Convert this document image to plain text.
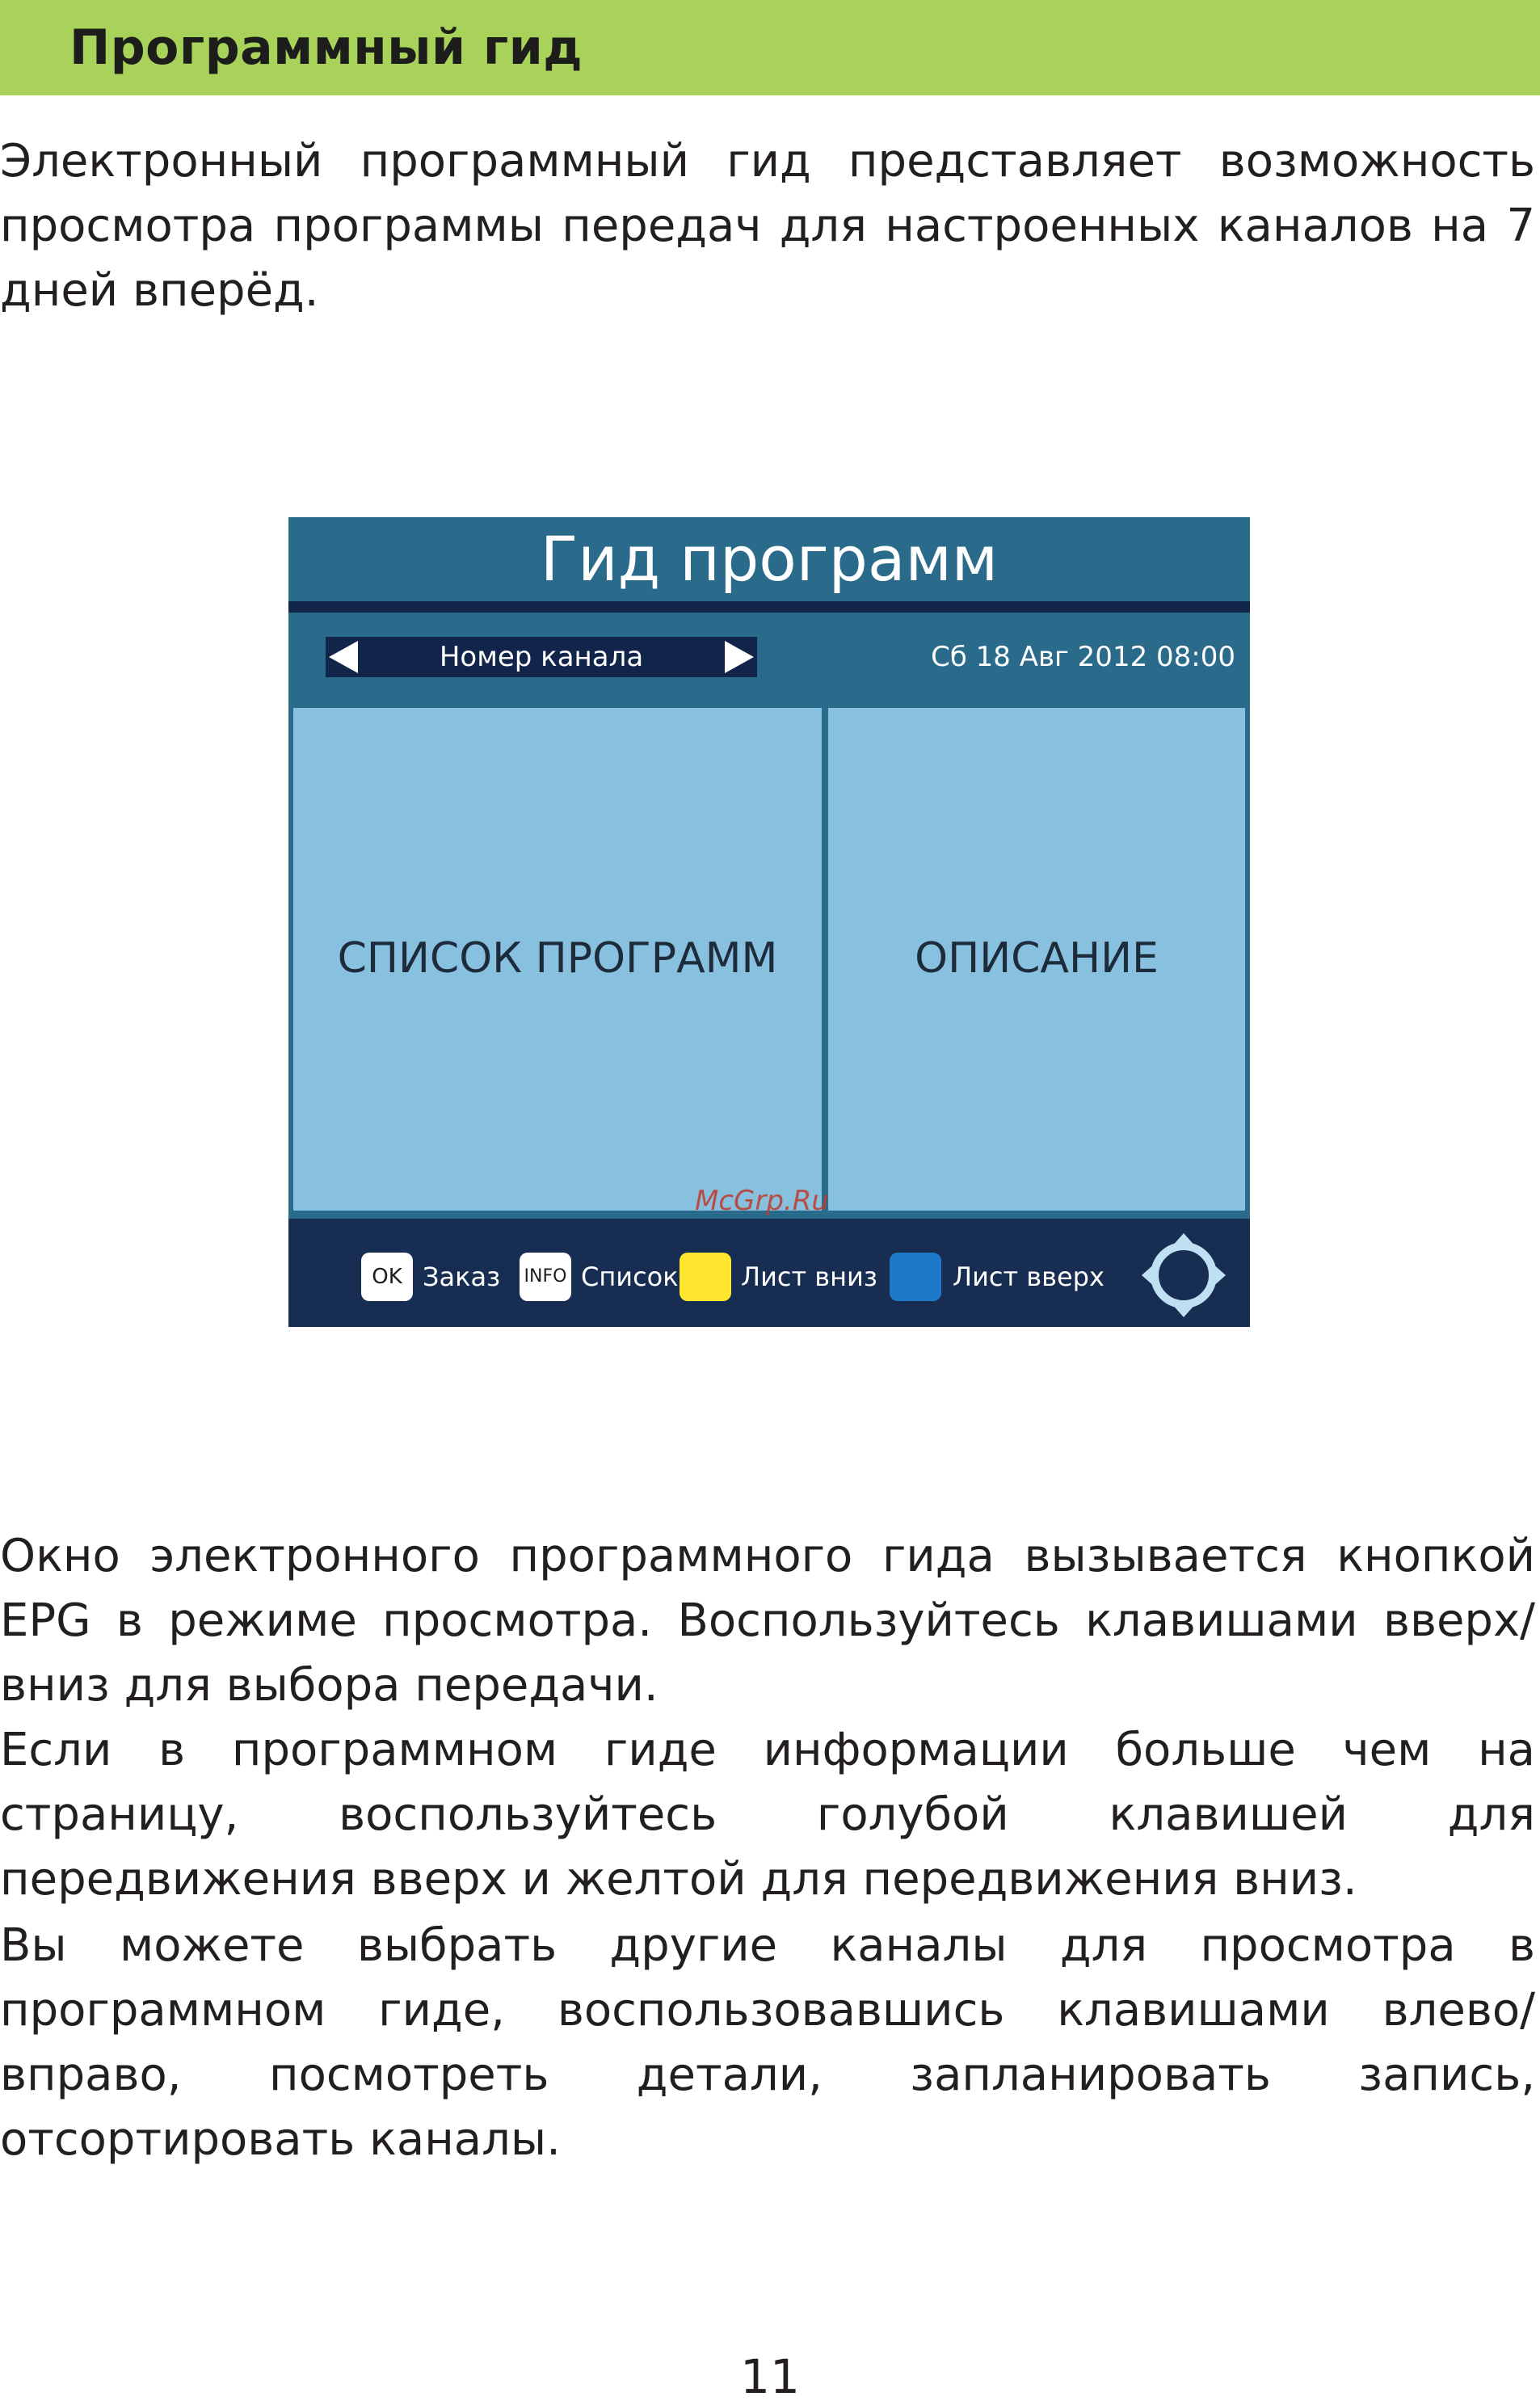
Программный гид

Электронный программный гид представляет возможность просмотра программы передач для настроенных каналов на 7 дней вперёд.

Гид программ
Номер канала	Сб 18 Авг 2012 08:00
СПИСОК ПРОГРАММ	ОПИСАНИЕ
OK Заказ INFO Список Лист вниз	Лист вверх
McGrp.Ru

Окно электронного программного гида вызывается кнопкой EPG в режиме просмотра. Воспользуйтесь клавишами вверх/вниз для выбора передачи.

Если в программном гиде информации больше чем на страницу, воспользуйтесь голубой клавишей для передвижения вверх и желтой для передвижения вниз.

Вы можете выбрать другие каналы для просмотра в программном гиде, воспользовавшись клавишами влево/вправо, посмотреть детали, запланировать запись, отсортировать каналы.

11
